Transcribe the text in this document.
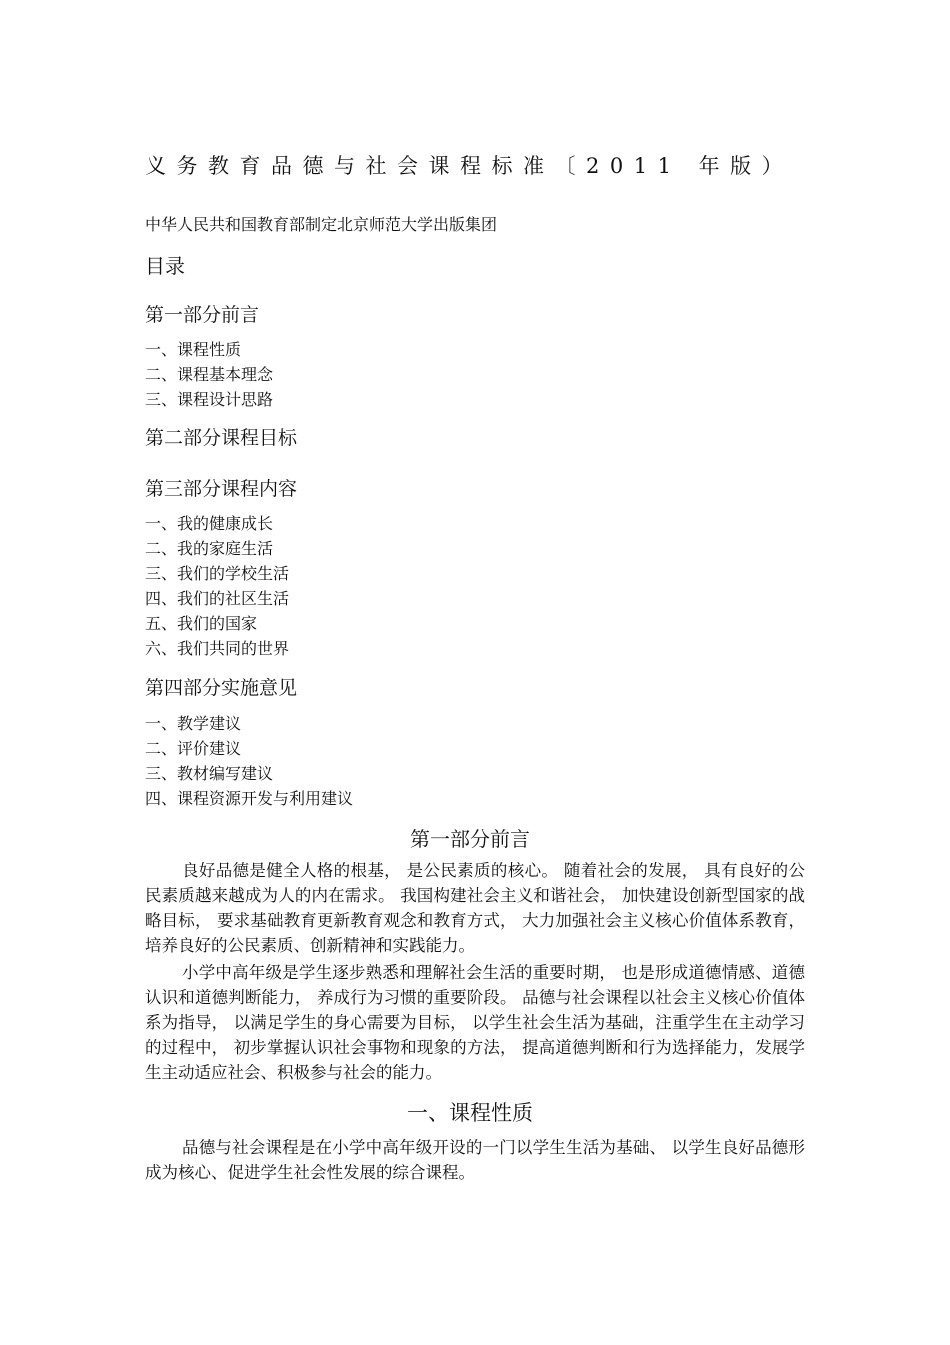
义务教育品德与社会课程标准〔2011 年版）
中华人民共和国教育部制定北京师范大学出版集团
目录
第一部分前言
一、课程性质
二、课程基本理念
三、课程设计思路
第二部分课程目标
第三部分课程内容
一、我的健康成长
二、我的家庭生活
三、我们的学校生活
四、我们的社区生活
五、我们的国家
六、我们共同的世界
第四部分实施意见
一、教学建议
二、评价建议
三、教材编写建议
四、课程资源开发与利用建议
第一部分前言

良好品德是健全人格的根基， 是公民素质的核心。 随着社会的发展， 具有良好的公民素质越来越成为人的内在需求。 我国构建社会主义和谐社会， 加快建设创新型国家的战略目标， 要求基础教育更新教育观念和教育方式， 大力加强社会主义核心价值体系教育，培养良好的公民素质、创新精神和实践能力。

小学中高年级是学生逐步熟悉和理解社会生活的重要时期， 也是形成道德情感、道德认识和道德判断能力， 养成行为习惯的重要阶段。 品德与社会课程以社会主义核心价值体系为指导， 以满足学生的身心需要为目标， 以学生社会生活为基础，注重学生在主动学习的过程中， 初步掌握认识社会事物和现象的方法， 提高道德判断和行为选择能力，发展学生主动适应社会、积极参与社会的能力。

一、课程性质

品德与社会课程是在小学中高年级开设的一门以学生生活为基础、 以学生良好品德形成为核心、促进学生社会性发展的综合课程。
